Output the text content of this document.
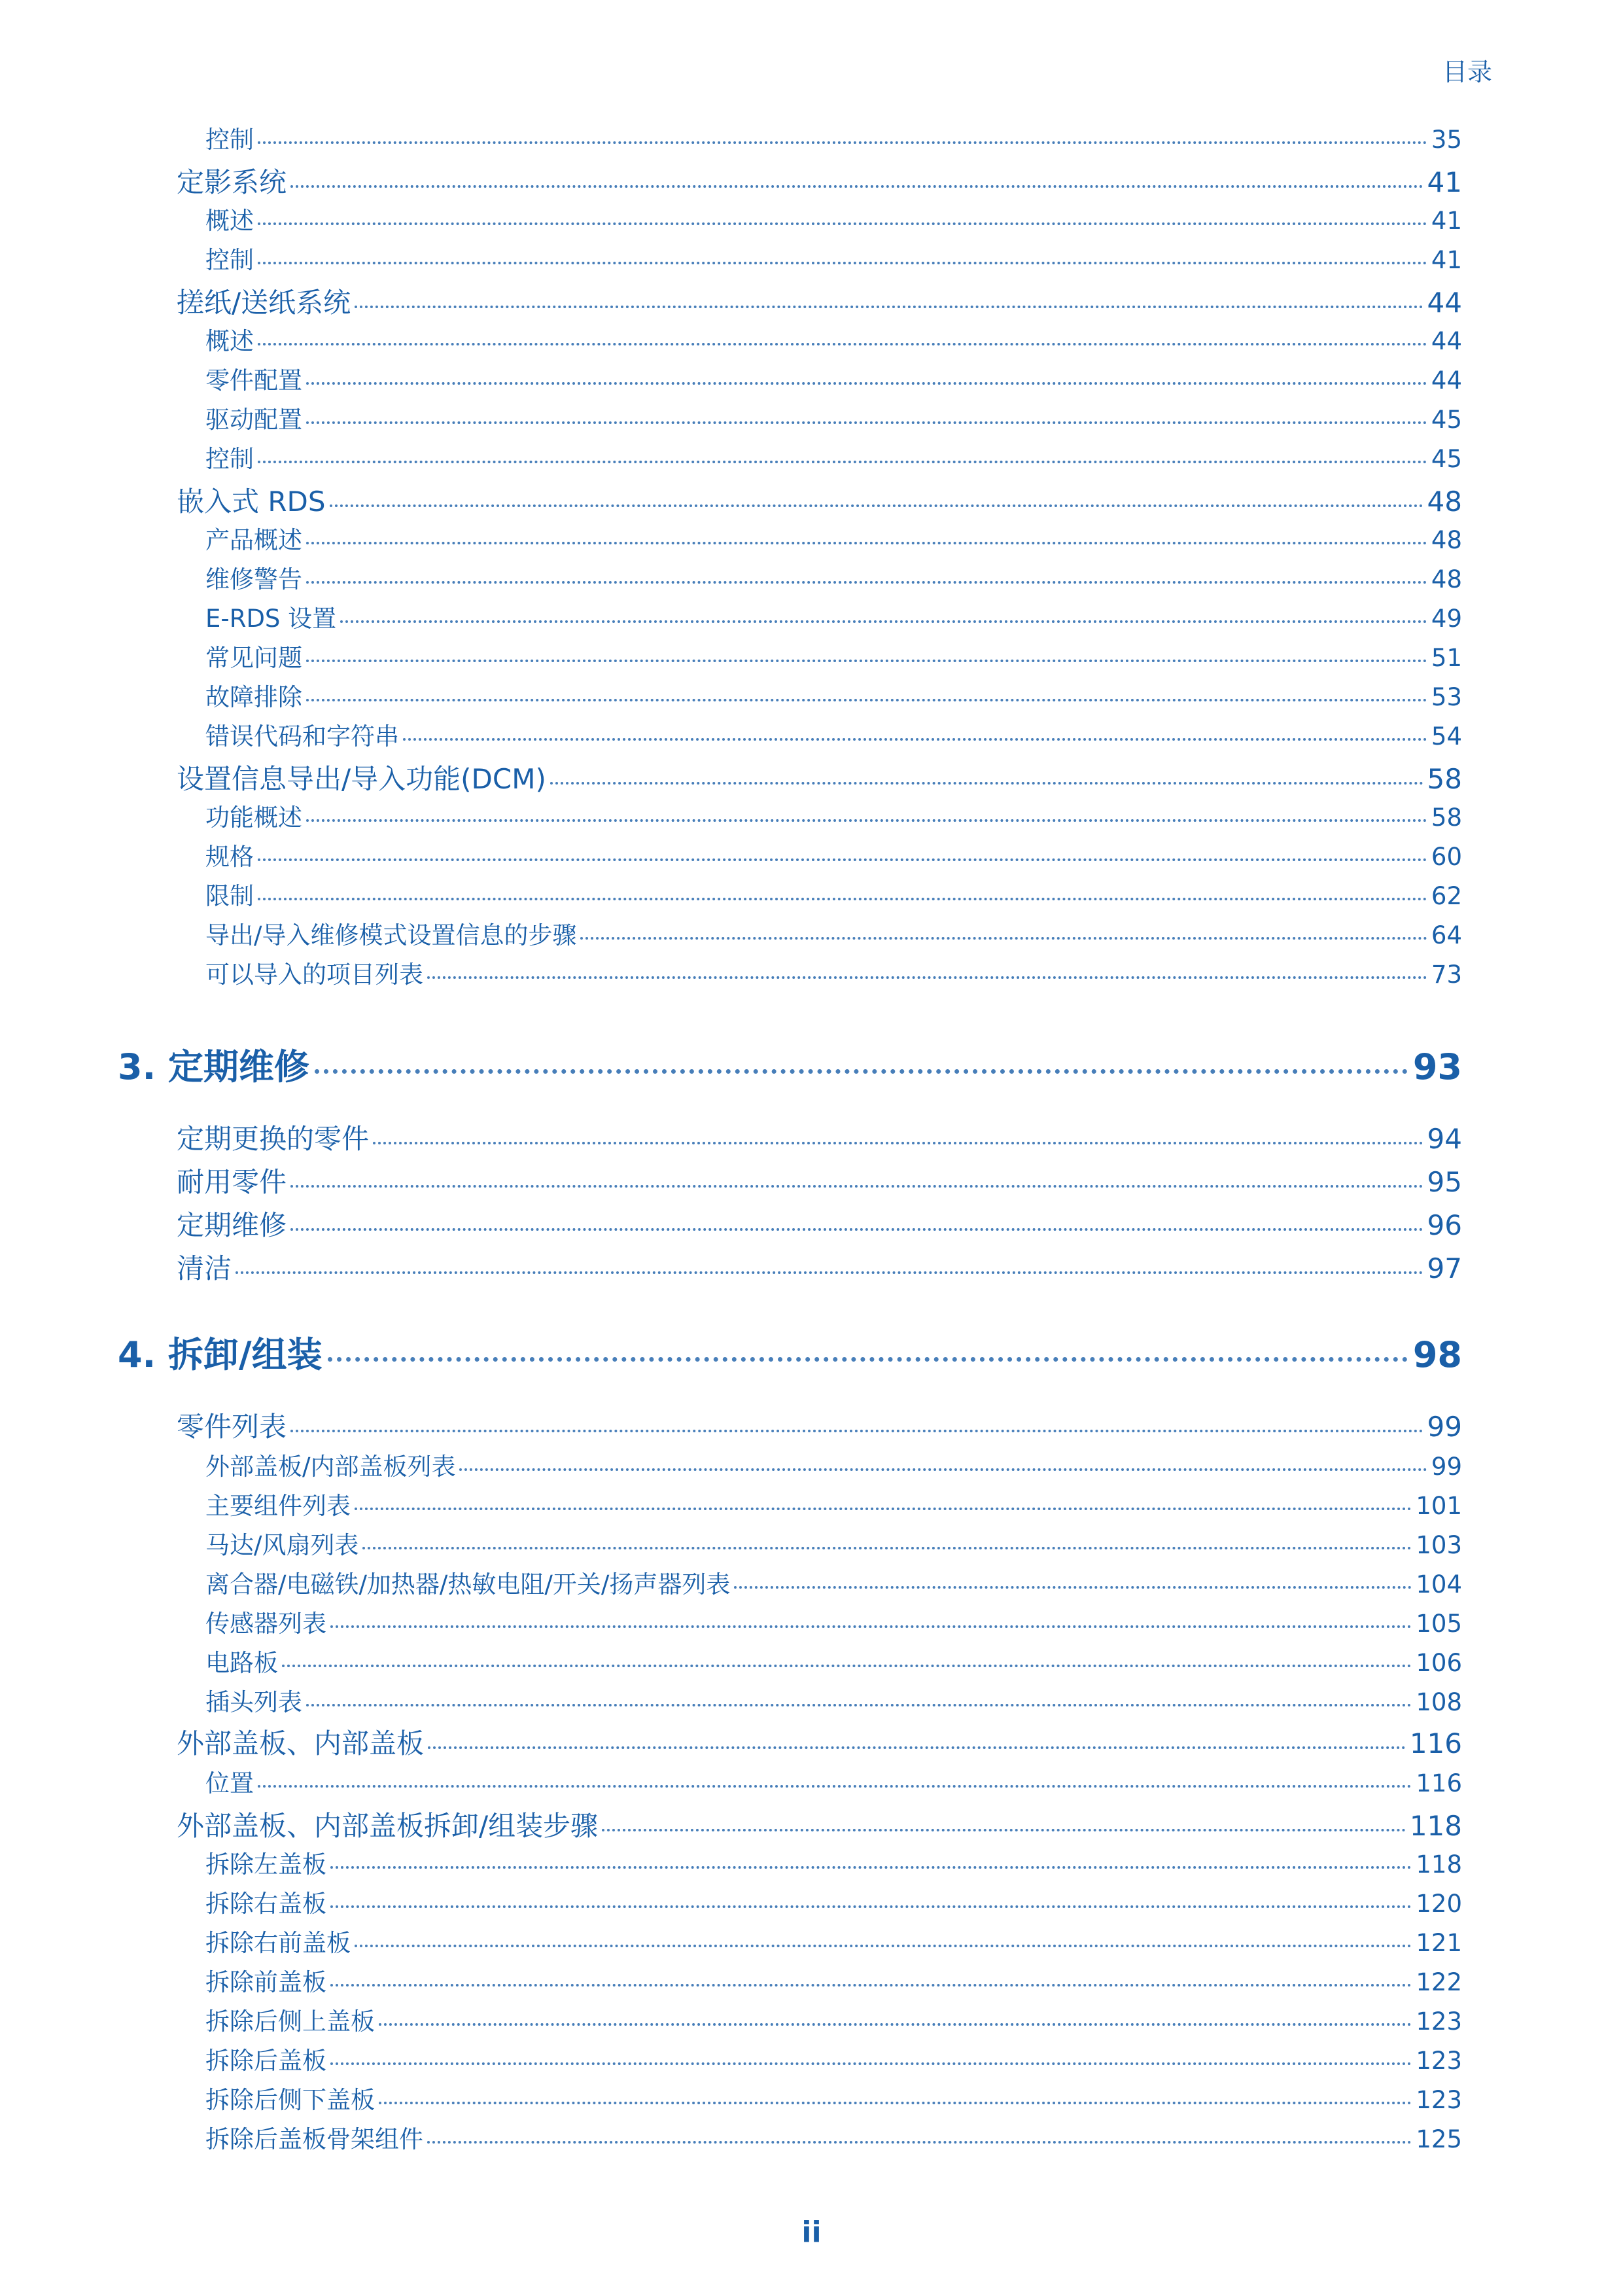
目录
控制	35
定影系统	41
概述	41
控制	41
搓纸/送纸系统	44
概述	44
零件配置	44
驱动配置	45
控制	45
嵌入式 RDS	48
产品概述	48
维修警告	48
E-RDS 设置	49
常见问题	51
故障排除	53
错误代码和字符串	54
设置信息导出/导入功能(DCM)	58
功能概述	58
规格	60
限制	62
导出/导入维修模式设置信息的步骤	64
可以导入的项目列表	73
3. 定期维修	93
定期更换的零件	94
耐用零件	95
定期维修	96
清洁	97
4. 拆卸/组装	98
零件列表	99
外部盖板/内部盖板列表	99
主要组件列表	101
马达/风扇列表	103
离合器/电磁铁/加热器/热敏电阻/开关/扬声器列表	104
传感器列表	105
电路板	106
插头列表	108
外部盖板、内部盖板	116
位置	116
外部盖板、内部盖板拆卸/组装步骤	118
拆除左盖板	118
拆除右盖板	120
拆除右前盖板	121
拆除前盖板	122
拆除后侧上盖板	123
拆除后盖板	123
拆除后侧下盖板	123
拆除后盖板骨架组件	125
ii
